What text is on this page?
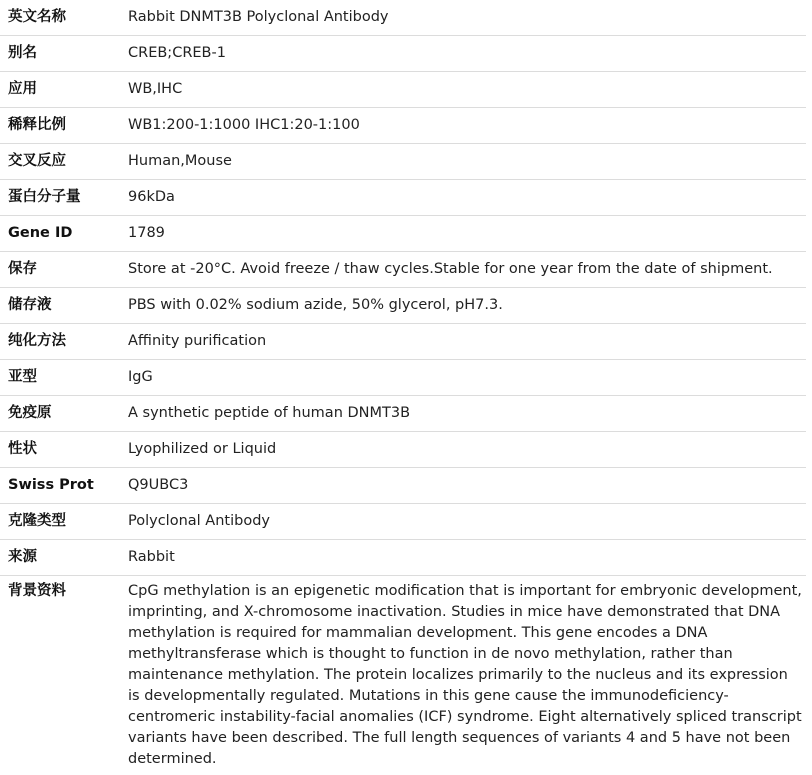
英文名称	Rabbit DNMT3B Polyclonal Antibody
别名	CREB;CREB-1
应用	WB,IHC
稀释比例	WB1:200-1:1000 IHC1:20-1:100
交叉反应	Human,Mouse
蛋白分子量	96kDa
Gene ID	1789
保存	Store at -20°C. Avoid freeze / thaw cycles.Stable for one year from the date of shipment.
储存液	PBS with 0.02% sodium azide, 50% glycerol, pH7.3.
纯化方法	Affinity purification
亚型	IgG
免疫原	A synthetic peptide of human DNMT3B
性状	Lyophilized or Liquid
Swiss Prot	Q9UBC3
克隆类型	Polyclonal Antibody
来源	Rabbit
背景资料	CpG methylation is an epigenetic modification that is important for embryonic development, imprinting, and X-chromosome inactivation. Studies in mice have demonstrated that DNA methylation is required for mammalian development. This gene encodes a DNA methyltransferase which is thought to function in de novo methylation, rather than maintenance methylation. The protein localizes primarily to the nucleus and its expression is developmentally regulated. Mutations in this gene cause the immunodeficiency-centromeric instability-facial anomalies (ICF) syndrome. Eight alternatively spliced transcript variants have been described. The full length sequences of variants 4 and 5 have not been determined.
